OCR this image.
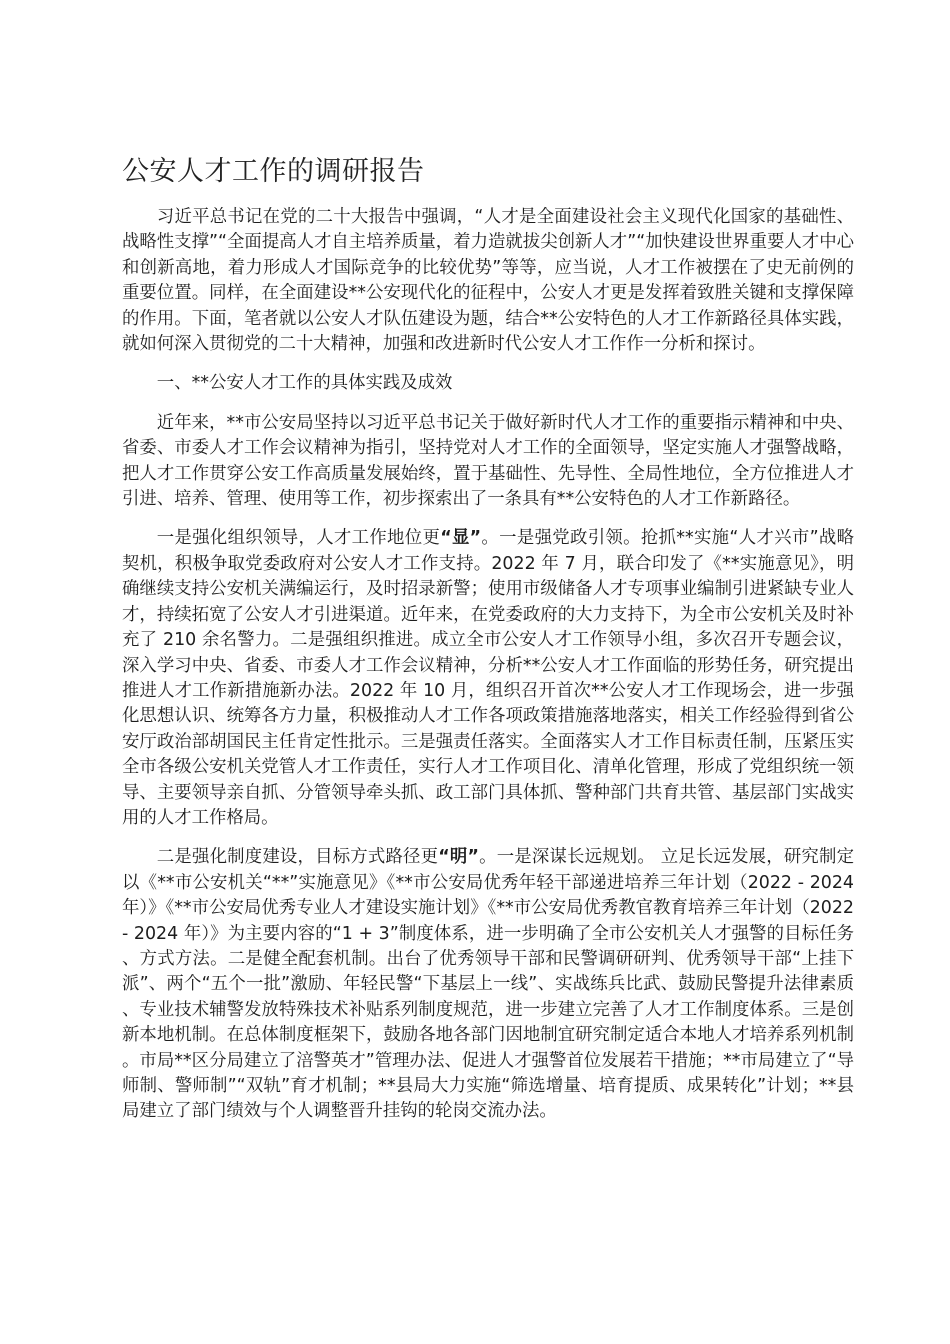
公安人才工作的调研报告

习近平总书记在党的二十大报告中强调，“人才是全面建设社会主义现代化国家的基础性、战略性支撑”“全面提高人才自主培养质量，着力造就拔尖创新人才”“加快建设世界重要人才中心和创新高地，着力形成人才国际竞争的比较优势”等等，应当说，人才工作被摆在了史无前例的重要位置。同样，在全面建设**公安现代化的征程中，公安人才更是发挥着致胜关键和支撑保障的作用。下面，笔者就以公安人才队伍建设为题，结合**公安特色的人才工作新路径具体实践，就如何深入贯彻党的二十大精神，加强和改进新时代公安人才工作作一分析和探讨。

一、**公安人才工作的具体实践及成效

近年来，**市公安局坚持以习近平总书记关于做好新时代人才工作的重要指示精神和中央、省委、市委人才工作会议精神为指引，坚持党对人才工作的全面领导，坚定实施人才强警战略，把人才工作贯穿公安工作高质量发展始终，置于基础性、先导性、全局性地位，全方位推进人才引进、培养、管理、使用等工作，初步探索出了一条具有**公安特色的人才工作新路径。

一是强化组织领导，人才工作地位更“显”。一是强党政引领。抢抓**实施“人才兴市”战略契机，积极争取党委政府对公安人才工作支持。2022 年 7 月，联合印发了《**实施意见》，明确继续支持公安机关满编运行，及时招录新警；使用市级储备人才专项事业编制引进紧缺专业人才，持续拓宽了公安人才引进渠道。近年来，在党委政府的大力支持下，为全市公安机关及时补充了 210 余名警力。二是强组织推进。成立全市公安人才工作领导小组，多次召开专题会议，深入学习中央、省委、市委人才工作会议精神，分析**公安人才工作面临的形势任务，研究提出推进人才工作新措施新办法。2022 年 10 月，组织召开首次**公安人才工作现场会，进一步强化思想认识、统筹各方力量，积极推动人才工作各项政策措施落地落实，相关工作经验得到省公安厅政治部胡国民主任肯定性批示。三是强责任落实。全面落实人才工作目标责任制，压紧压实全市各级公安机关党管人才工作责任，实行人才工作项目化、清单化管理，形成了党组织统一领导、主要领导亲自抓、分管领导牵头抓、政工部门具体抓、警种部门共育共管、基层部门实战实用的人才工作格局。

二是强化制度建设，目标方式路径更“明”。一是深谋长远规划。 立足长远发展，研究制定以《**市公安机关“**”实施意见》《**市公安局优秀年轻干部递进培养三年计划（2022 - 2024 年）》《**市公安局优秀专业人才建设实施计划》《**市公安局优秀教官教育培养三年计划（2022 - 2024 年）》为主要内容的“1 + 3”制度体系，进一步明确了全市公安机关人才强警的目标任务、方式方法。二是健全配套机制。出台了优秀领导干部和民警调研研判、优秀领导干部“上挂下派”、两个“五个一批”激励、年轻民警“下基层上一线”、实战练兵比武、鼓励民警提升法律素质、专业技术辅警发放特殊技术补贴系列制度规范，进一步建立完善了人才工作制度体系。三是创新本地机制。在总体制度框架下，鼓励各地各部门因地制宜研究制定适合本地人才培养系列机制。市局**区分局建立了涪警英才”管理办法、促进人才强警首位发展若干措施；**市局建立了“导师制、警师制”“双轨”育才机制；**县局大力实施“筛选增量、培育提质、成果转化”计划；**县局建立了部门绩效与个人调整晋升挂钩的轮岗交流办法。
